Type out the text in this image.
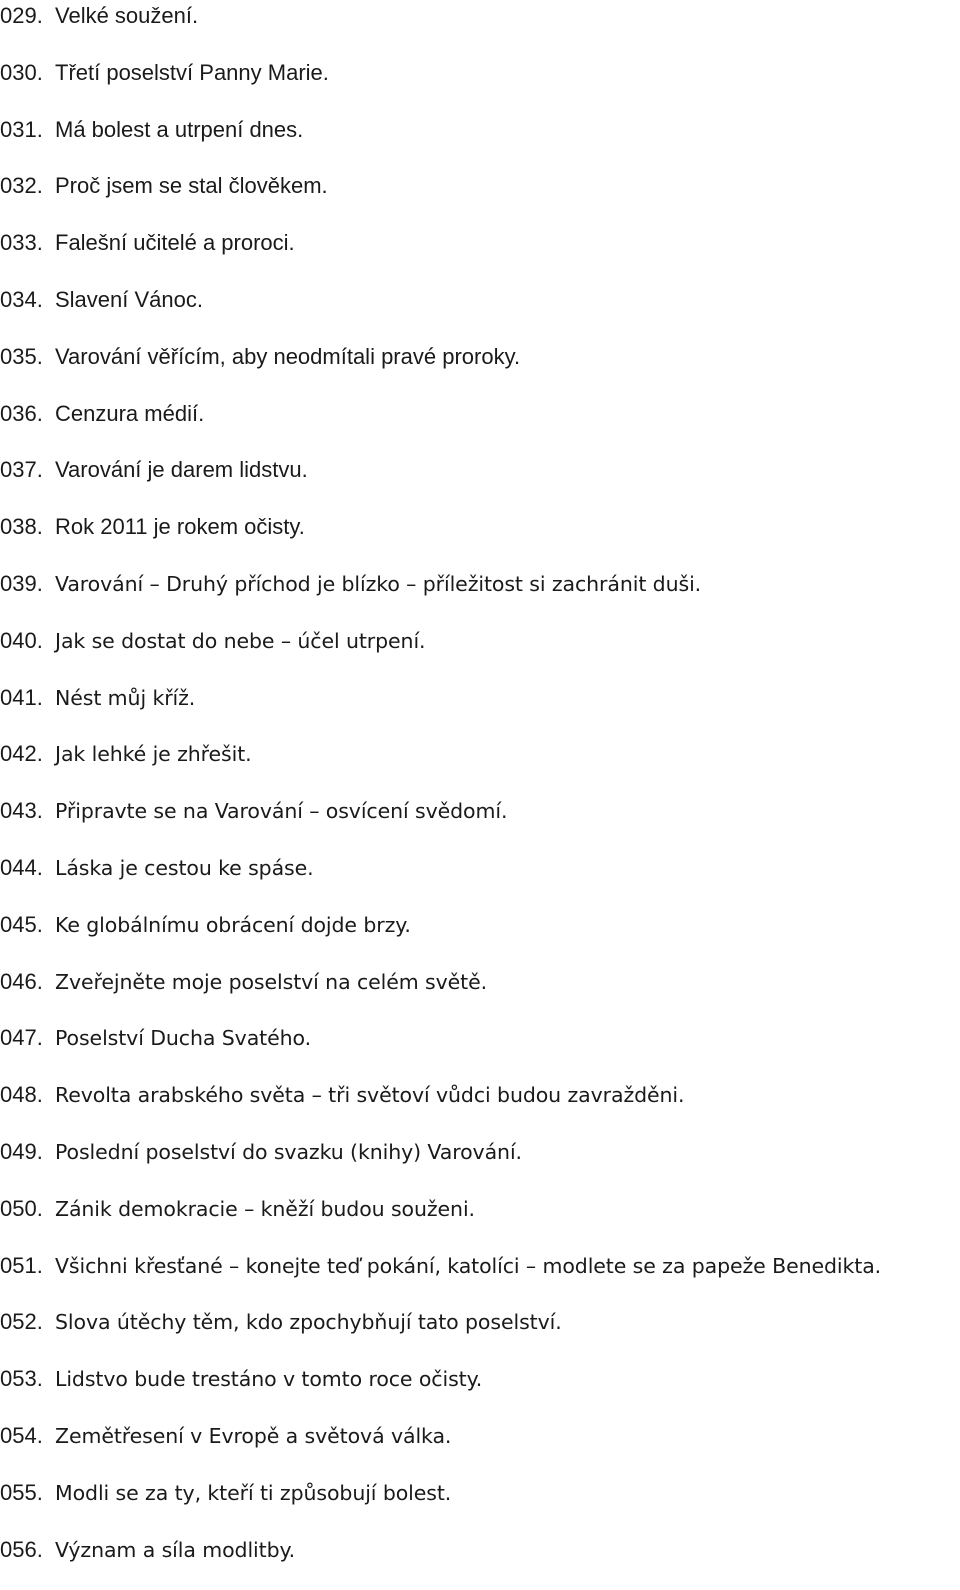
029. Velké soužení.
030. Třetí poselství Panny Marie.
031. Má bolest a utrpení dnes.
032. Proč jsem se stal člověkem.
033. Falešní učitelé a proroci.
034. Slavení Vánoc.
035. Varování věřícím, aby neodmítali pravé proroky.
036. Cenzura médií.
037. Varování je darem lidstvu.
038. Rok 2011 je rokem očisty.
039. Varování – Druhý příchod je blízko – příležitost si zachránit duši.
040. Jak se dostat do nebe – účel utrpení.
041. Nést můj kříž.
042. Jak lehké je zhřešit.
043. Připravte se na Varování – osvícení svědomí.
044. Láska je cestou ke spáse.
045. Ke globálnímu obrácení dojde brzy.
046. Zveřejněte moje poselství na celém světě.
047. Poselství Ducha Svatého.
048. Revolta arabského světa – tři světoví vůdci budou zavražděni.
049. Poslední poselství do svazku (knihy) Varování.
050. Zánik demokracie – kněží budou souženi.
051. Všichni křesťané – konejte teď pokání, katolíci – modlete se za papeže Benedikta.
052. Slova útěchy těm, kdo zpochybňují tato poselství.
053. Lidstvo bude trestáno v tomto roce očisty.
054. Zemětřesení v Evropě a světová válka.
055. Modli se za ty, kteří ti způsobují bolest.
056. Význam a síla modlitby.
